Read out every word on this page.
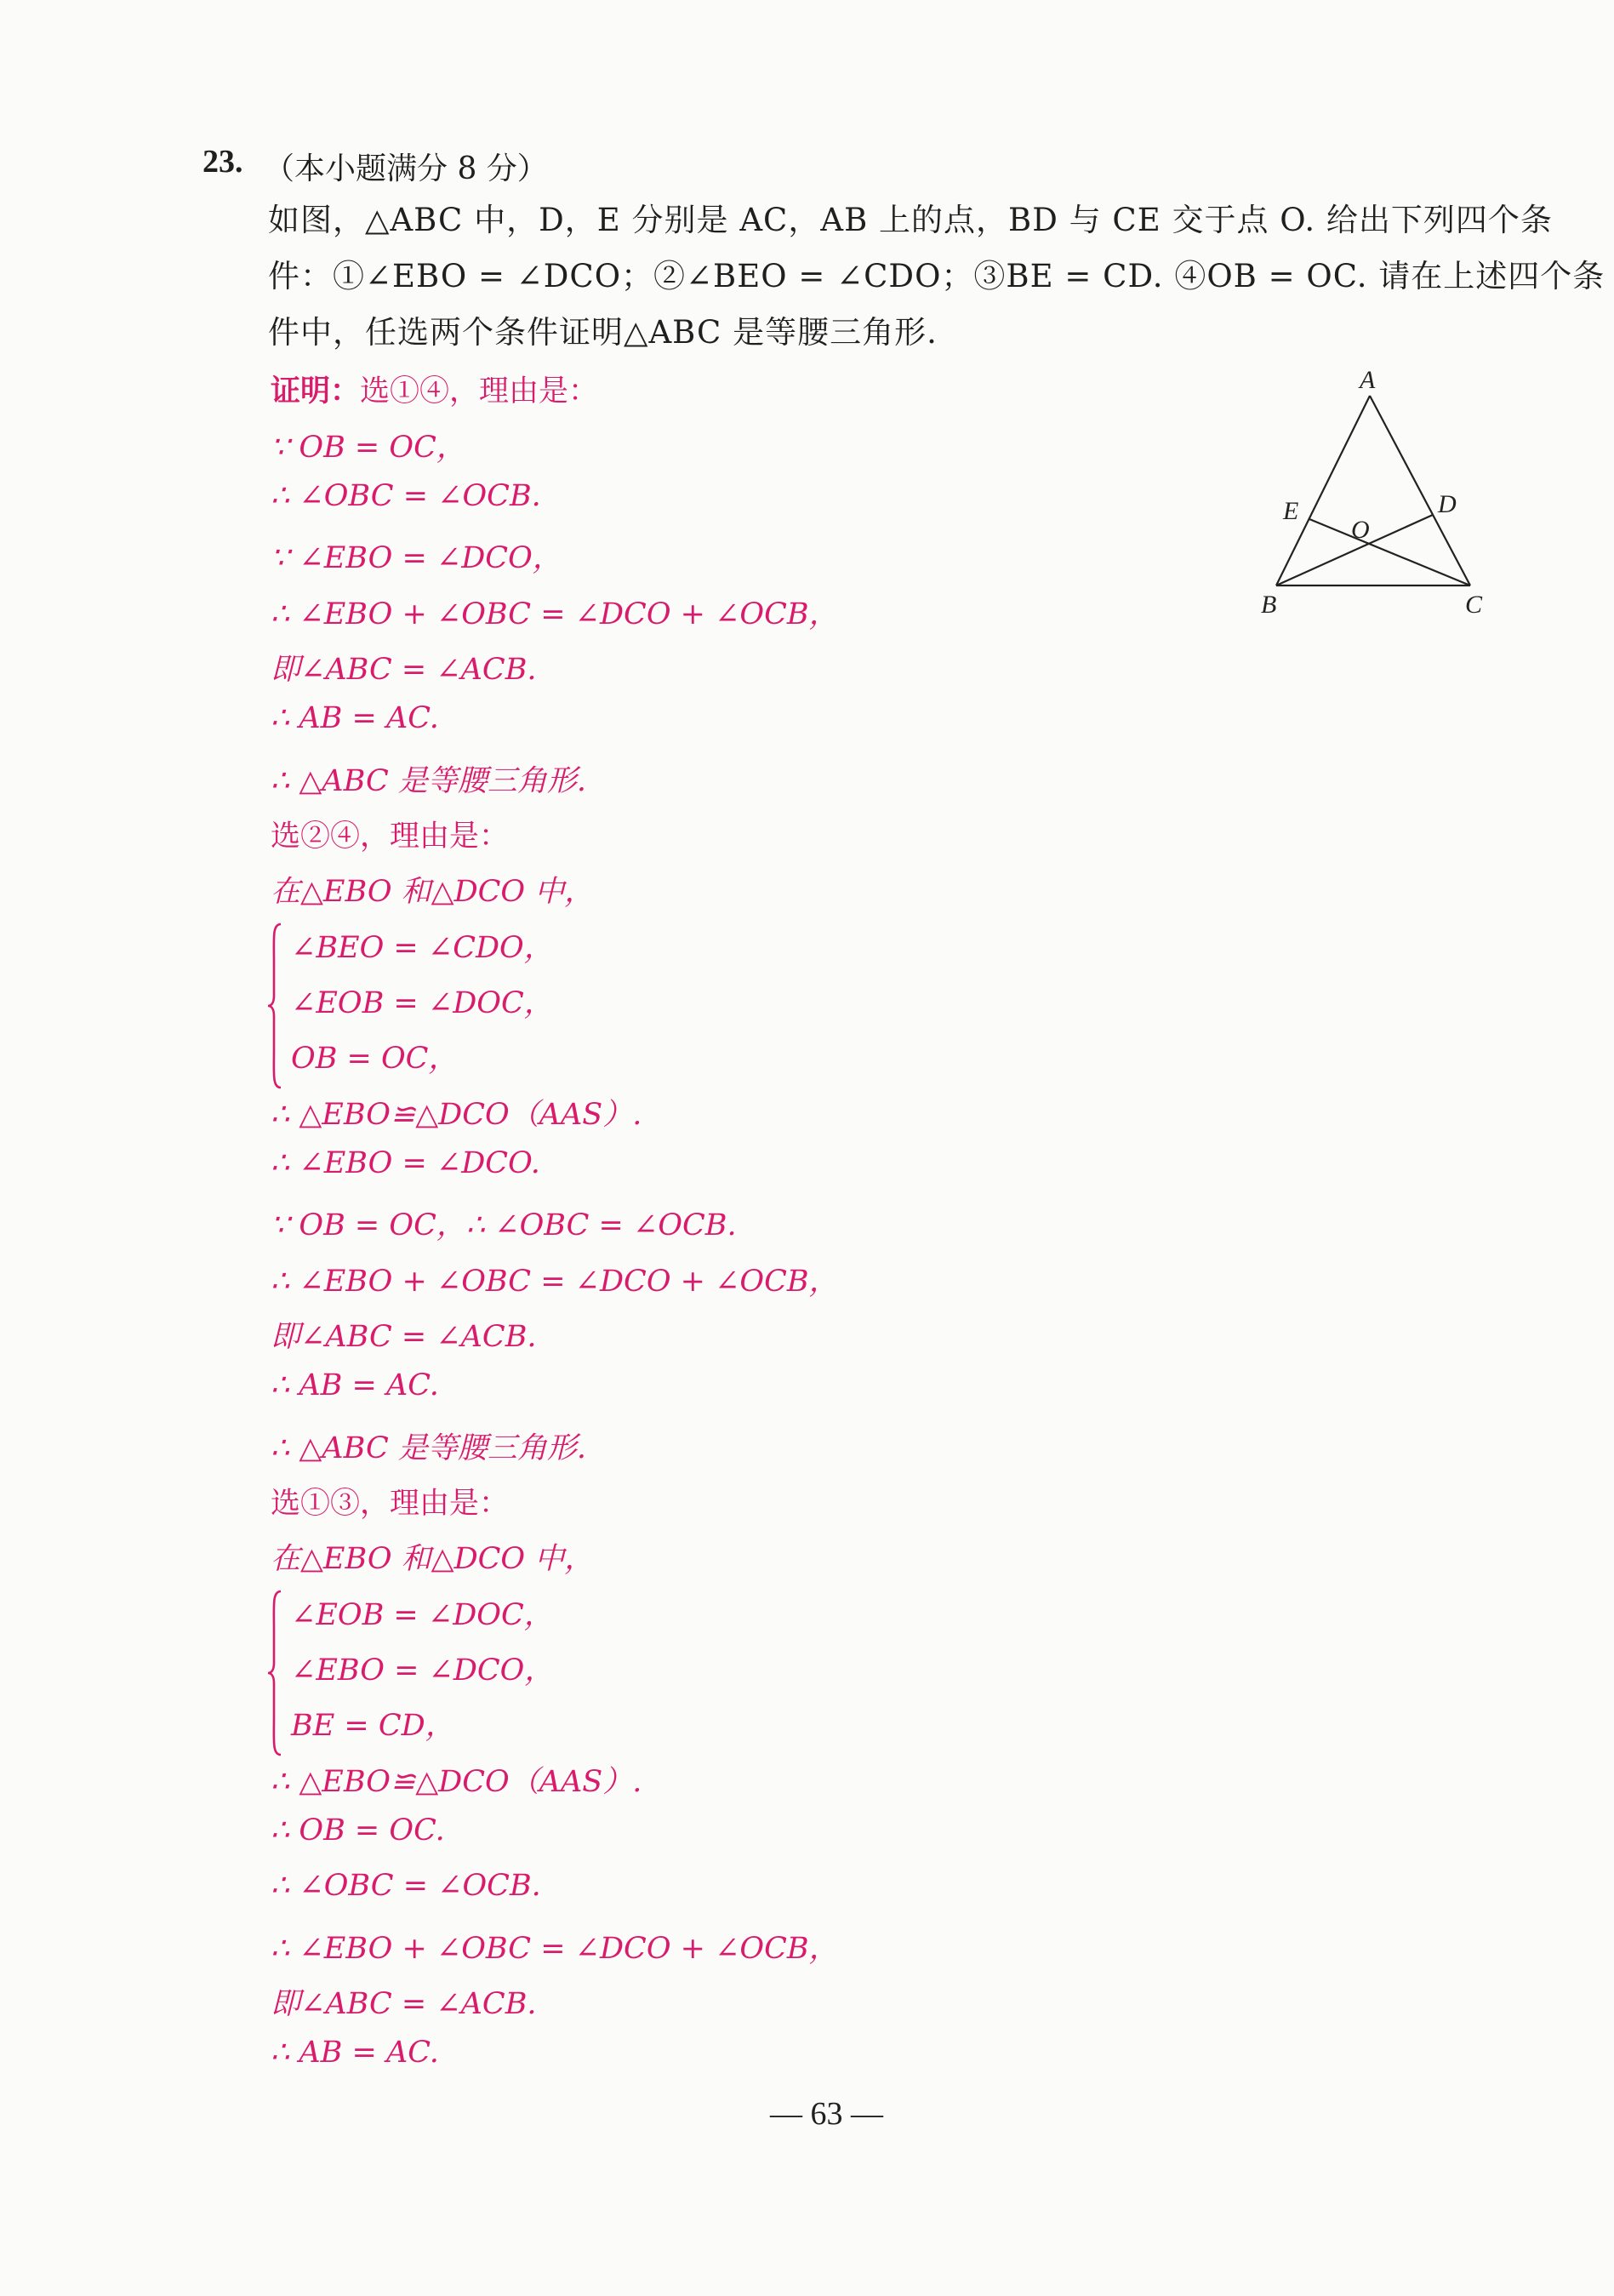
23. （本小题满分 8 分）
如图，△ABC 中，D，E 分别是 AC，AB 上的点，BD 与 CE 交于点 O. 给出下列四个条
件：①∠EBO = ∠DCO；②∠BEO = ∠CDO；③BE = CD. ④OB = OC. 请在上述四个条
件中，任选两个条件证明△ABC 是等腰三角形.
A
B	C
D
E
O
证明：选①④，理由是：
∵ OB = OC，
∴ ∠OBC = ∠OCB.
∵ ∠EBO = ∠DCO，
∴ ∠EBO + ∠OBC = ∠DCO + ∠OCB，
即∠ABC = ∠ACB.
∴ AB = AC.
∴ △ABC 是等腰三角形.
选②④，理由是：
在△EBO 和△DCO 中，
∠BEO = ∠CDO，
∠EOB = ∠DOC，
OB = OC，
∴ △EBO≌△DCO（AAS）.
∴ ∠EBO = ∠DCO.
∵ OB = OC，∴ ∠OBC = ∠OCB.
∴ ∠EBO + ∠OBC = ∠DCO + ∠OCB，
即∠ABC = ∠ACB.
∴ AB = AC.
∴ △ABC 是等腰三角形.
选①③，理由是：
在△EBO 和△DCO 中，
∠EOB = ∠DOC，
∠EBO = ∠DCO，
BE = CD，
∴ △EBO≌△DCO（AAS）.
∴ OB = OC.
∴ ∠OBC = ∠OCB.
∴ ∠EBO + ∠OBC = ∠DCO + ∠OCB，
即∠ABC = ∠ACB.
∴ AB = AC.
— 63 —
